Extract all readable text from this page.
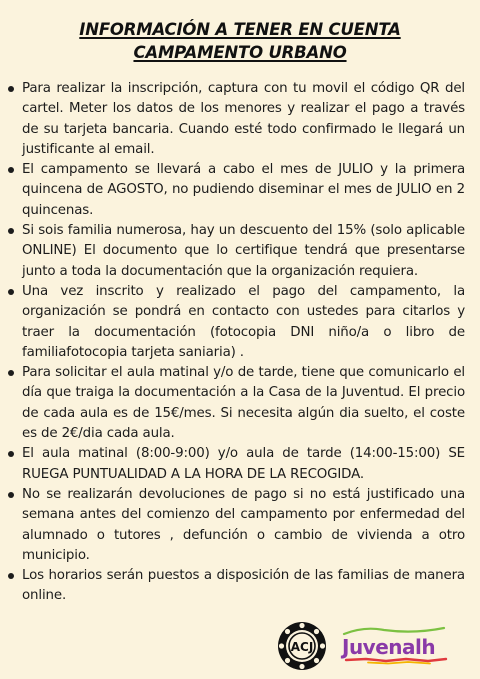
INFORMACIÓN A TENER EN CUENTA
CAMPAMENTO URBANO
Para realizar la inscripción, captura con tu movil el código QR del cartel. Meter los datos de los menores y realizar el pago a través de su tarjeta bancaria. Cuando esté todo confirmado le llegará un justificante al email.
El campamento se llevará a cabo el mes de JULIO y la primera quincena de AGOSTO, no pudiendo diseminar el mes de JULIO en 2 quincenas.
Si sois familia numerosa, hay un descuento del 15% (solo aplicable ONLINE) El documento que lo certifique tendrá que presentarse junto a toda la documentación que la organización requiera.
Una vez inscrito y realizado el pago del campamento, la organización se pondrá en contacto con ustedes para citarlos y traer la documentación (fotocopia DNI niño/a o libro de familiafotocopia tarjeta saniaria) .
Para solicitar el aula matinal y/o de tarde, tiene que comunicarlo el día que traiga la documentación a la Casa de la Juventud. El precio de cada aula es de 15€/mes. Si necesita algún dia suelto, el coste es de 2€/dia cada aula.
El aula matinal (8:00-9:00) y/o aula de tarde (14:00-15:00) SE RUEGA PUNTUALIDAD A LA HORA DE LA RECOGIDA.
No se realizarán devoluciones de pago si no está justificado una semana antes del comienzo del campamento por enfermedad del alumnado o tutores , defunción o cambio de vivienda a otro municipio.
Los horarios serán puestos a disposición de las familias de manera online.
ACJ Juvenalh
